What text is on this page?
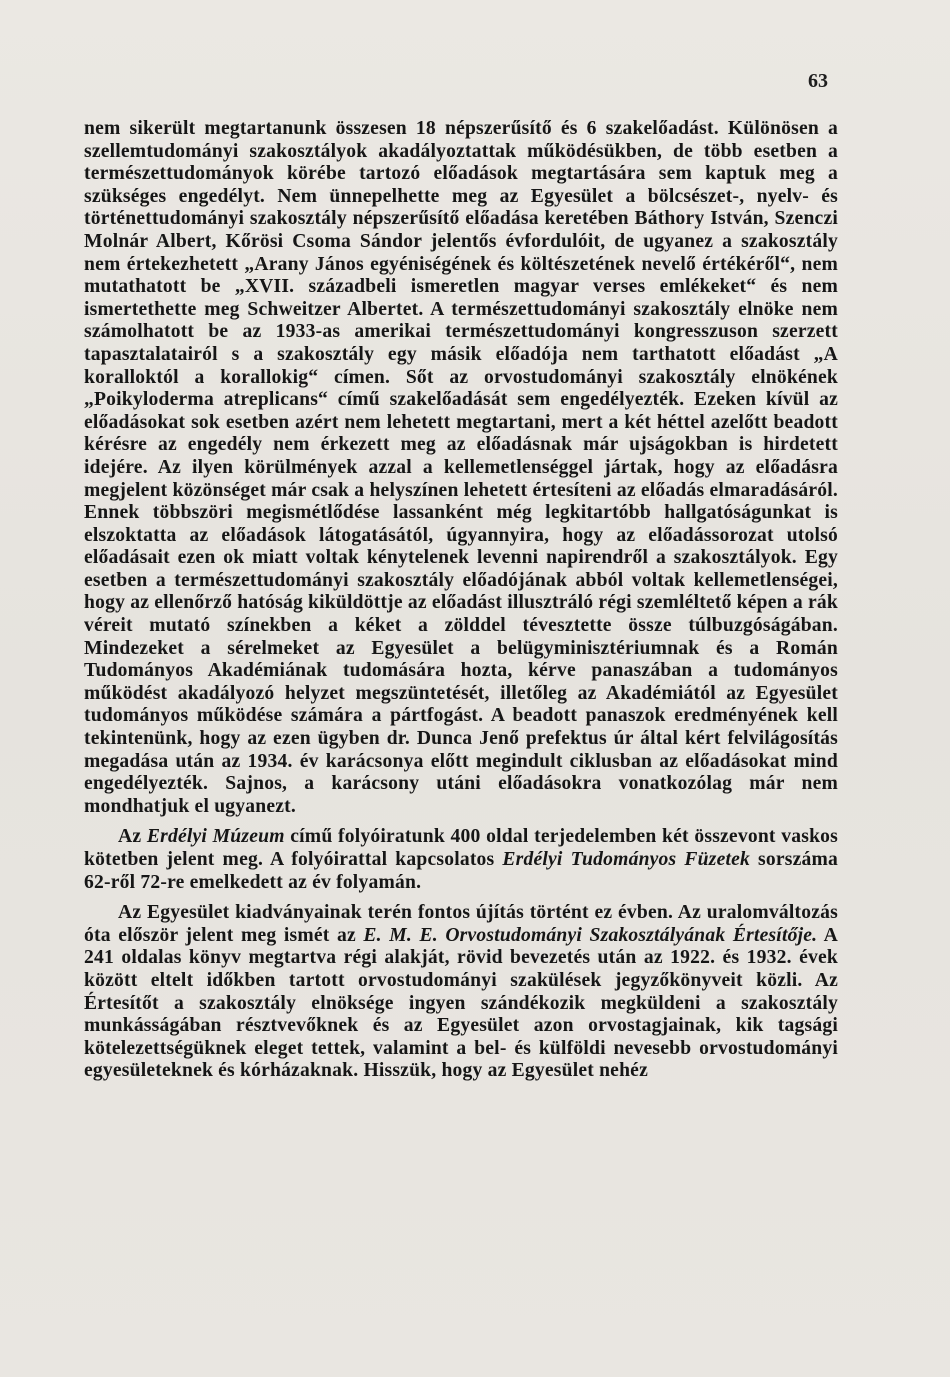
63

nem sikerült megtartanunk összesen 18 népszerűsítő és 6 szakelőadást. Különösen a szellemtudományi szakosztályok akadályoztattak működésükben, de több esetben a természettudományok körébe tartozó előadások megtartására sem kaptuk meg a szükséges engedélyt. Nem ünnepelhette meg az Egyesület a bölcsészet-, nyelv- és történettudományi szakosztály népszerűsítő előadása keretében Báthory István, Szenczi Molnár Albert, Kőrösi Csoma Sándor jelentős évfordulóit, de ugyanez a szakosztály nem értekezhetett „Arany János egyéniségének és költészetének nevelő értékéről“, nem mutathatott be „XVII. századbeli ismeretlen magyar verses emlékeket“ és nem ismertethette meg Schweitzer Albertet. A természettudományi szakosztály elnöke nem számolhatott be az 1933-as amerikai természettudományi kongresszuson szerzett tapasztalatairól s a szakosztály egy másik előadója nem tarthatott előadást „A koralloktól a korallokig“ címen. Sőt az orvostudományi szakosztály elnökének „Poikyloderma atreplicans“ című szakelőadását sem engedélyezték. Ezeken kívül az előadásokat sok esetben azért nem lehetett megtartani, mert a két héttel azelőtt beadott kérésre az engedély nem érkezett meg az előadásnak már ujságokban is hirdetett idejére. Az ilyen körülmények azzal a kellemetlenséggel jártak, hogy az előadásra megjelent közönséget már csak a helyszínen lehetett értesíteni az előadás elmaradásáról. Ennek többszöri megismétlődése lassanként még legkitartóbb hallgatóságunkat is elszoktatta az előadások látogatásától, úgyannyira, hogy az előadássorozat utolsó előadásait ezen ok miatt voltak kénytelenek levenni napirendről a szakosztályok. Egy esetben a természettudományi szakosztály előadójának abból voltak kellemetlenségei, hogy az ellenőrző hatóság kiküldöttje az előadást illusztráló régi szemléltető képen a rák véreit mutató színekben a kéket a zölddel tévesztette össze túlbuzgóságában. Mindezeket a sérelmeket az Egyesület a belügyminisztériumnak és a Román Tudományos Akadémiának tudomására hozta, kérve panaszában a tudományos működést akadályozó helyzet megszüntetését, illetőleg az Akadémiától az Egyesület tudományos működése számára a pártfogást. A beadott panaszok eredményének kell tekintenünk, hogy az ezen ügyben dr. Dunca Jenő prefektus úr által kért felvilágosítás megadása után az 1934. év karácsonya előtt megindult ciklusban az előadásokat mind engedélyezték. Sajnos, a karácsony utáni előadásokra vonatkozólag már nem mondhatjuk el ugyanezt.

Az Erdélyi Múzeum című folyóiratunk 400 oldal terjedelemben két összevont vaskos kötetben jelent meg. A folyóirattal kapcsolatos Erdélyi Tudományos Füzetek sorszáma 62-ről 72-re emelkedett az év folyamán.

Az Egyesület kiadványainak terén fontos újítás történt ez évben. Az uralomváltozás óta először jelent meg ismét az E. M. E. Orvostudományi Szakosztályának Értesítője. A 241 oldalas könyv megtartva régi alakját, rövid bevezetés után az 1922. és 1932. évek között eltelt időkben tartott orvostudományi szakülések jegyzőkönyveit közli. Az Értesítőt a szakosztály elnöksége ingyen szándékozik megküldeni a szakosztály munkásságában résztvevőknek és az Egyesület azon orvostagjainak, kik tagsági kötelezettségüknek eleget tettek, valamint a bel- és külföldi nevesebb orvostudományi egyesületeknek és kórházaknak. Hisszük, hogy az Egyesület nehéz
